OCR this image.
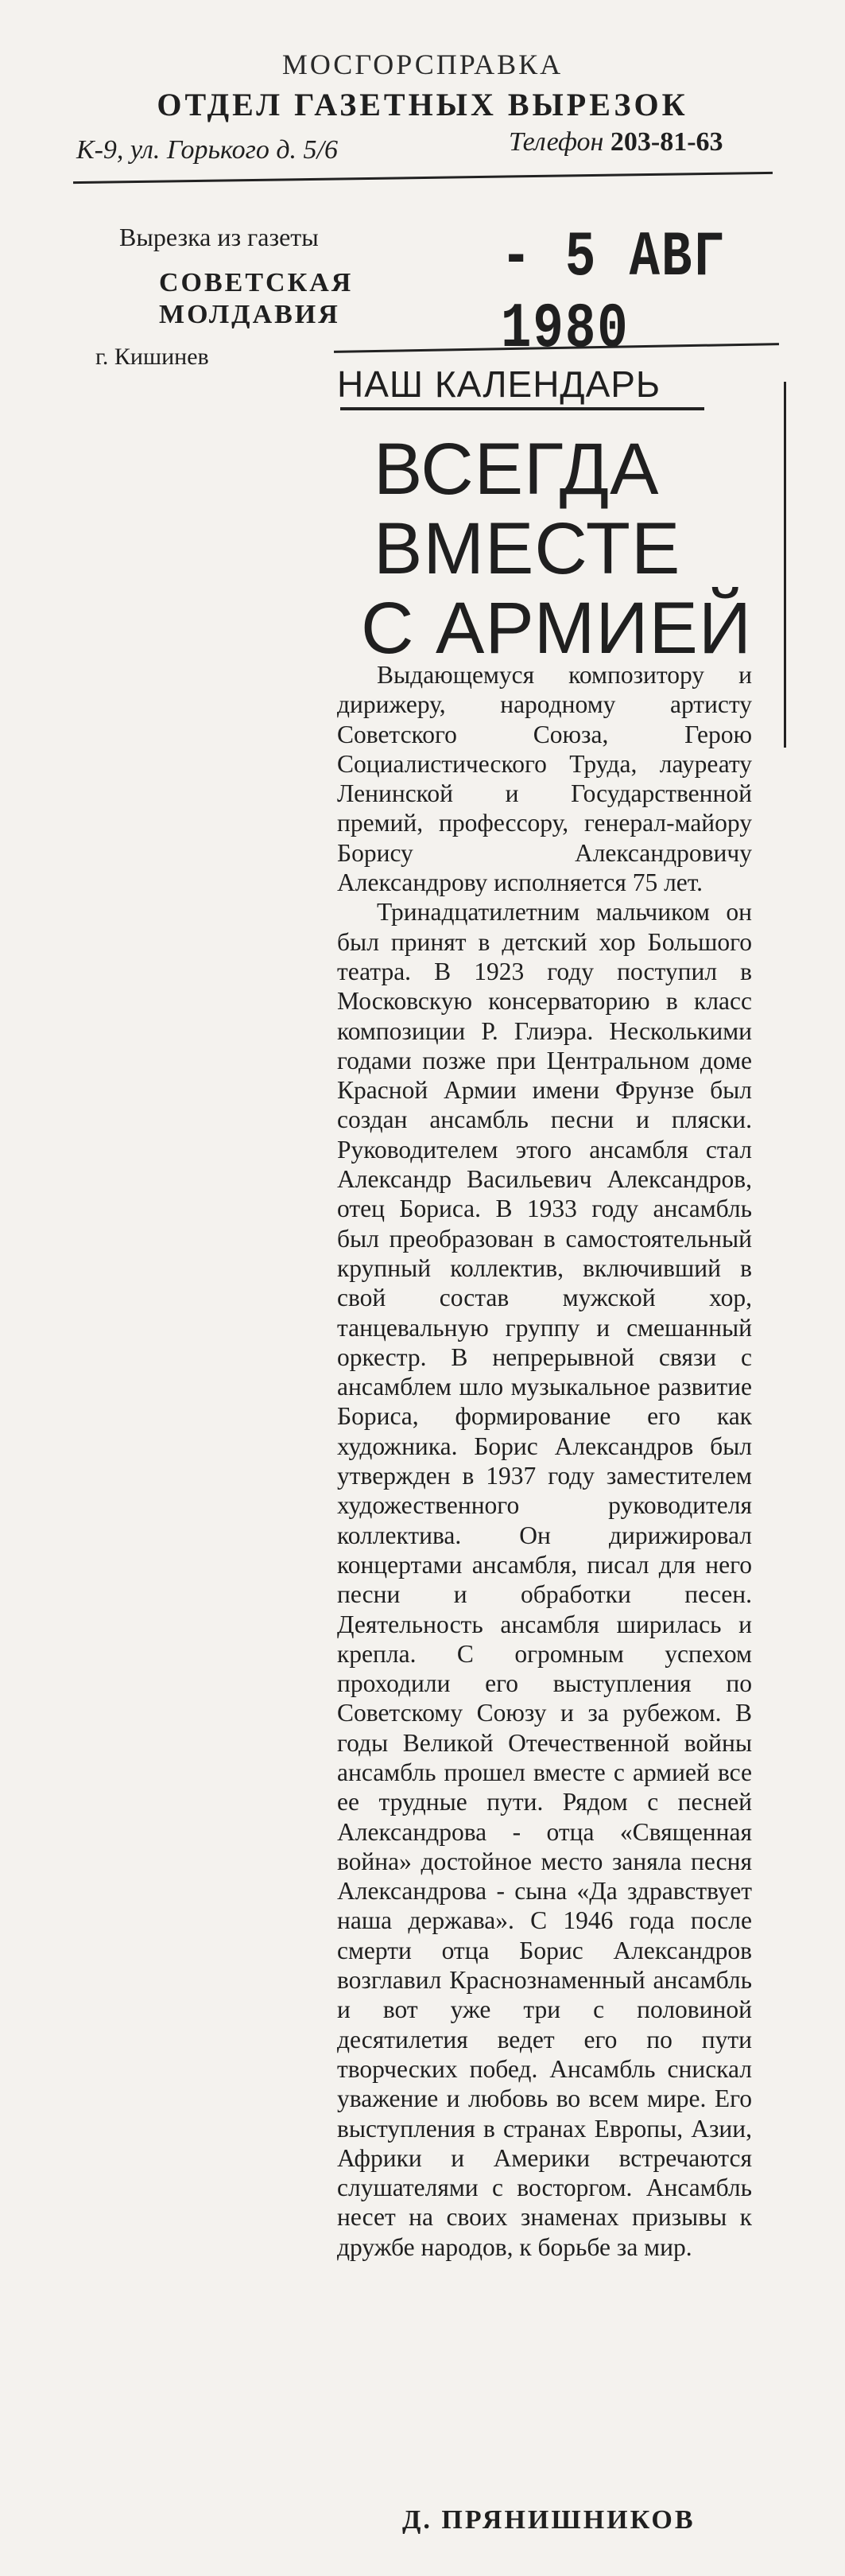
МОСГОРСПРАВКА
ОТДЕЛ ГАЗЕТНЫХ ВЫРЕЗОК
К-9, ул. Горького д. 5/6	Телефон 203-81-63
Вырезка из газеты
СОВЕТСКАЯ МОЛДАВИЯ
г. Кишинев
- 5 АВГ 1980
НАШ КАЛЕНДАРЬ
ВСЕГДА
ВМЕСТЕ
С АРМИЕЙ

Выдающемуся композитору и дирижеру, народному артисту Советского Союза, Герою Социалистического Труда, лауреату Ленинской и Государственной премий, профессору, генерал-майору Борису Александровичу Александрову исполняется 75 лет.

Тринадцатилетним мальчиком он был принят в детский хор Большого театра. В 1923 году поступил в Московскую консерваторию в класс композиции Р. Глиэра. Несколькими годами позже при Центральном доме Красной Армии имени Фрунзе был создан ансамбль песни и пляски. Руководителем этого ансамбля стал Александр Васильевич Александров, отец Бориса. В 1933 году ансамбль был преобразован в самостоятельный крупный коллектив, включивший в свой состав мужской хор, танцевальную группу и смешанный оркестр. В непрерывной связи с ансамблем шло музыкальное развитие Бориса, формирование его как художника. Борис Александров был утвержден в 1937 году заместителем художественного руководителя коллектива. Он дирижировал концертами ансамбля, писал для него песни и обработки песен. Деятельность ансамбля ширилась и крепла. С огромным успехом проходили его выступления по Советскому Союзу и за рубежом. В годы Великой Отечественной войны ансамбль прошел вместе с армией все ее трудные пути. Рядом с песней Александрова - отца «Священная война» достойное место заняла песня Александрова - сына «Да здравствует наша держава». С 1946 года после смерти отца Борис Александров возглавил Краснознаменный ансамбль и вот уже три с половиной десятилетия ведет его по пути творческих побед. Ансамбль снискал уважение и любовь во всем мире. Его выступления в странах Европы, Азии, Африки и Америки встречаются слушателями с восторгом. Ансамбль несет на своих знаменах призывы к дружбе народов, к борьбе за мир.

Д. ПРЯНИШНИКОВ
